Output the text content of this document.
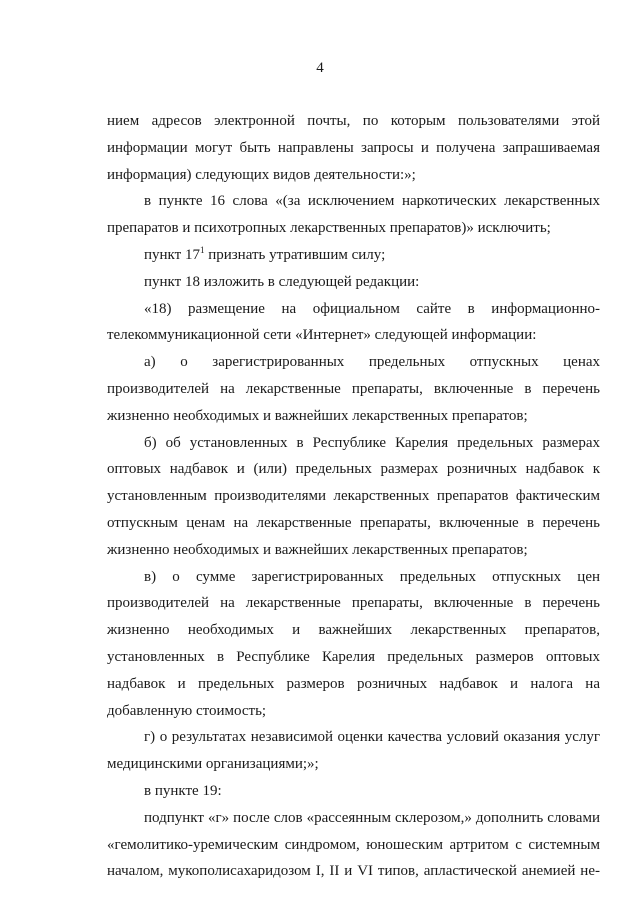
4

нием адресов электронной почты, по которым пользователями этой информации могут быть направлены запросы и получена запрашиваемая информация) следующих видов деятельности:»;

в пункте 16 слова «(за исключением наркотических лекарственных препаратов и психотропных лекарственных препаратов)» исключить;

пункт $17^1$ признать утратившим силу;

пункт 18 изложить в следующей редакции:

«18) размещение на официальном сайте в информационно-телекоммуникационной сети «Интернет» следующей информации:

а) о зарегистрированных предельных отпускных ценах производителей на лекарственные препараты, включенные в перечень жизненно необходимых и важнейших лекарственных препаратов;

б) об установленных в Республике Карелия предельных размерах оптовых надбавок и (или) предельных размерах розничных надбавок к установленным производителями лекарственных препаратов фактическим отпускным ценам на лекарственные препараты, включенные в перечень жизненно необходимых и важнейших лекарственных препаратов;

в) о сумме зарегистрированных предельных отпускных цен производителей на лекарственные препараты, включенные в перечень жизненно необходимых и важнейших лекарственных препаратов, установленных в Республике Карелия предельных размеров оптовых надбавок и предельных размеров розничных надбавок и налога на добавленную стоимость;

г) о результатах независимой оценки качества условий оказания услуг медицинскими организациями;»;

в пункте 19:

подпункт «г» после слов «рассеянным склерозом,» дополнить словами «гемолитико-уремическим синдромом, юношеским артритом с системным началом, мукополисахаридозом I, II и VI типов, апластической анемией не-
